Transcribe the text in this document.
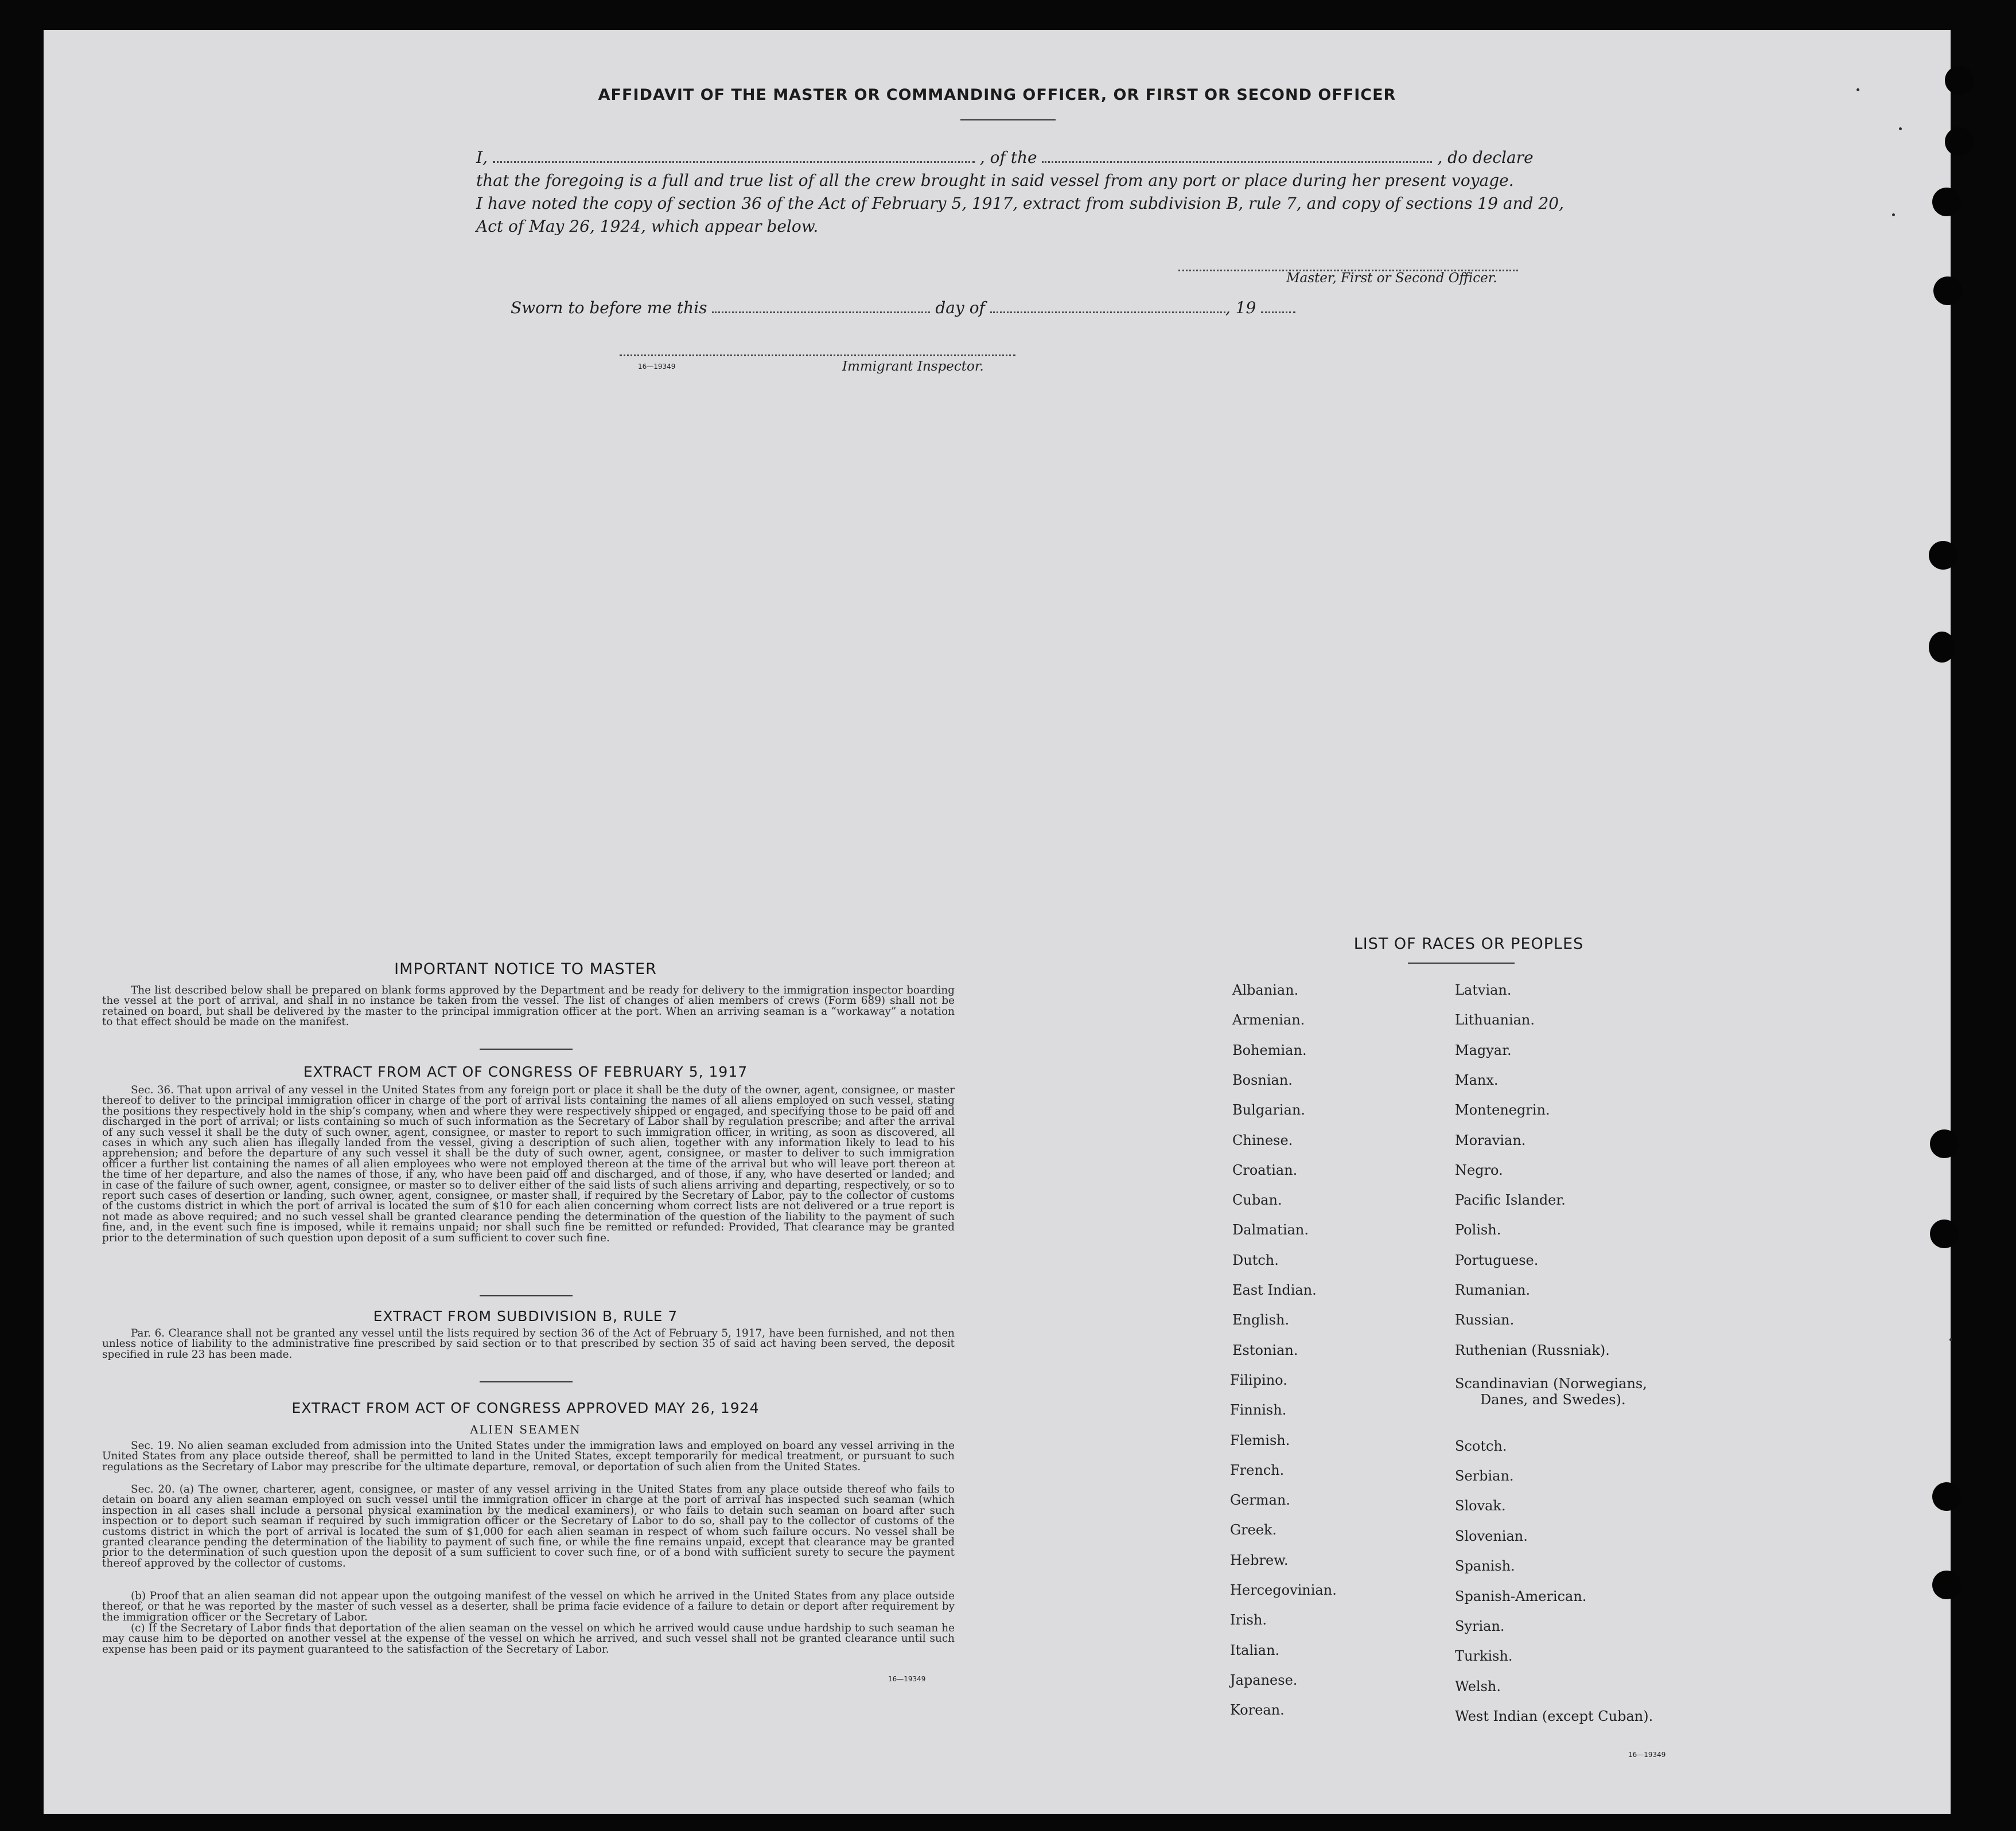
AFFIDAVIT OF THE MASTER OR COMMANDING OFFICER, OR FIRST OR SECOND OFFICER
I,	, of the	, do declare
that the foregoing is a full and true list of all the crew brought in said vessel from any port or place during her present voyage.
I have noted the copy of section 36 of the Act of February 5, 1917, extract from subdivision B, rule 7, and copy of sections 19 and 20,
Act of May 26, 1924, which appear below.
Master, First or Second Officer.
Sworn to before me this	day of	, 19
16—19349	Immigrant Inspector.
IMPORTANT NOTICE TO MASTER
The list described below shall be prepared on blank forms approved by the Department and be ready for delivery to the immigration inspector boarding the vessel at the port of arrival, and shall in no instance be taken from the vessel. The list of changes of alien members of crews (Form 689) shall not be retained on board, but shall be delivered by the master to the principal immigration officer at the port. When an arriving seaman is a “workaway” a notation to that effect should be made on the manifest.
EXTRACT FROM ACT OF CONGRESS OF FEBRUARY 5, 1917
Sec. 36. That upon arrival of any vessel in the United States from any foreign port or place it shall be the duty of the owner, agent, consignee, or master thereof to deliver to the principal immigration officer in charge of the port of arrival lists containing the names of all aliens employed on such vessel, stating the positions they respectively hold in the ship’s company, when and where they were respectively shipped or engaged, and specifying those to be paid off and discharged in the port of arrival; or lists containing so much of such information as the Secretary of Labor shall by regulation prescribe; and after the arrival of any such vessel it shall be the duty of such owner, agent, consignee, or master to report to such immigration officer, in writing, as soon as discovered, all cases in which any such alien has illegally landed from the vessel, giving a description of such alien, together with any information likely to lead to his apprehension; and before the departure of any such vessel it shall be the duty of such owner, agent, consignee, or master to deliver to such immigration officer a further list containing the names of all alien employees who were not employed thereon at the time of the arrival but who will leave port thereon at the time of her departure, and also the names of those, if any, who have been paid off and discharged, and of those, if any, who have deserted or landed; and in case of the failure of such owner, agent, consignee, or master so to deliver either of the said lists of such aliens arriving and departing, respectively, or so to report such cases of desertion or landing, such owner, agent, consignee, or master shall, if required by the Secretary of Labor, pay to the collector of customs of the customs district in which the port of arrival is located the sum of $10 for each alien concerning whom correct lists are not delivered or a true report is not made as above required; and no such vessel shall be granted clearance pending the determination of the question of the liability to the payment of such fine, and, in the event such fine is imposed, while it remains unpaid; nor shall such fine be remitted or refunded: Provided, That clearance may be granted prior to the determination of such question upon deposit of a sum sufficient to cover such fine.
EXTRACT FROM SUBDIVISION B, RULE 7
Par. 6. Clearance shall not be granted any vessel until the lists required by section 36 of the Act of February 5, 1917, have been furnished, and not then unless notice of liability to the administrative fine prescribed by said section or to that prescribed by section 35 of said act having been served, the deposit specified in rule 23 has been made.
EXTRACT FROM ACT OF CONGRESS APPROVED MAY 26, 1924
ALIEN SEAMEN
Sec. 19. No alien seaman excluded from admission into the United States under the immigration laws and employed on board any vessel arriving in the United States from any place outside thereof, shall be permitted to land in the United States, except temporarily for medical treatment, or pursuant to such regulations as the Secretary of Labor may prescribe for the ultimate departure, removal, or deportation of such alien from the United States.
Sec. 20. (a) The owner, charterer, agent, consignee, or master of any vessel arriving in the United States from any place outside thereof who fails to detain on board any alien seaman employed on such vessel until the immigration officer in charge at the port of arrival has inspected such seaman (which inspection in all cases shall include a personal physical examination by the medical examiners), or who fails to detain such seaman on board after such inspection or to deport such seaman if required by such immigration officer or the Secretary of Labor to do so, shall pay to the collector of customs of the customs district in which the port of arrival is located the sum of $1,000 for each alien seaman in respect of whom such failure occurs. No vessel shall be granted clearance pending the determination of the liability to payment of such fine, or while the fine remains unpaid, except that clearance may be granted prior to the determination of such question upon the deposit of a sum sufficient to cover such fine, or of a bond with sufficient surety to secure the payment thereof approved by the collector of customs.
(b) Proof that an alien seaman did not appear upon the outgoing manifest of the vessel on which he arrived in the United States from any place outside thereof, or that he was reported by the master of such vessel as a deserter, shall be prima facie evidence of a failure to detain or deport after requirement by the immigration officer or the Secretary of Labor.
(c) If the Secretary of Labor finds that deportation of the alien seaman on the vessel on which he arrived would cause undue hardship to such seaman he may cause him to be deported on another vessel at the expense of the vessel on which he arrived, and such vessel shall not be granted clearance until such expense has been paid or its payment guaranteed to the satisfaction of the Secretary of Labor.
16—19349
LIST OF RACES OR PEOPLES
16—19349
Albanian.
Armenian.
Bohemian.
Bosnian.
Bulgarian.
Chinese.
Croatian.
Cuban.
Dalmatian.
Dutch.
East Indian.
English.
Estonian.
Filipino.
Finnish.
Flemish.
French.
German.
Greek.
Hebrew.
Hercegovinian.
Irish.
Italian.
Japanese.
Korean.
Latvian.
Lithuanian.
Magyar.
Manx.
Montenegrin.
Moravian.
Negro.
Pacific Islander.
Polish.
Portuguese.
Rumanian.
Russian.
Ruthenian (Russniak).
Scandinavian (Norwegians,
Danes, and Swedes).
Scotch.
Serbian.
Slovak.
Slovenian.
Spanish.
Spanish-American.
Syrian.
Turkish.
Welsh.
West Indian (except Cuban).
